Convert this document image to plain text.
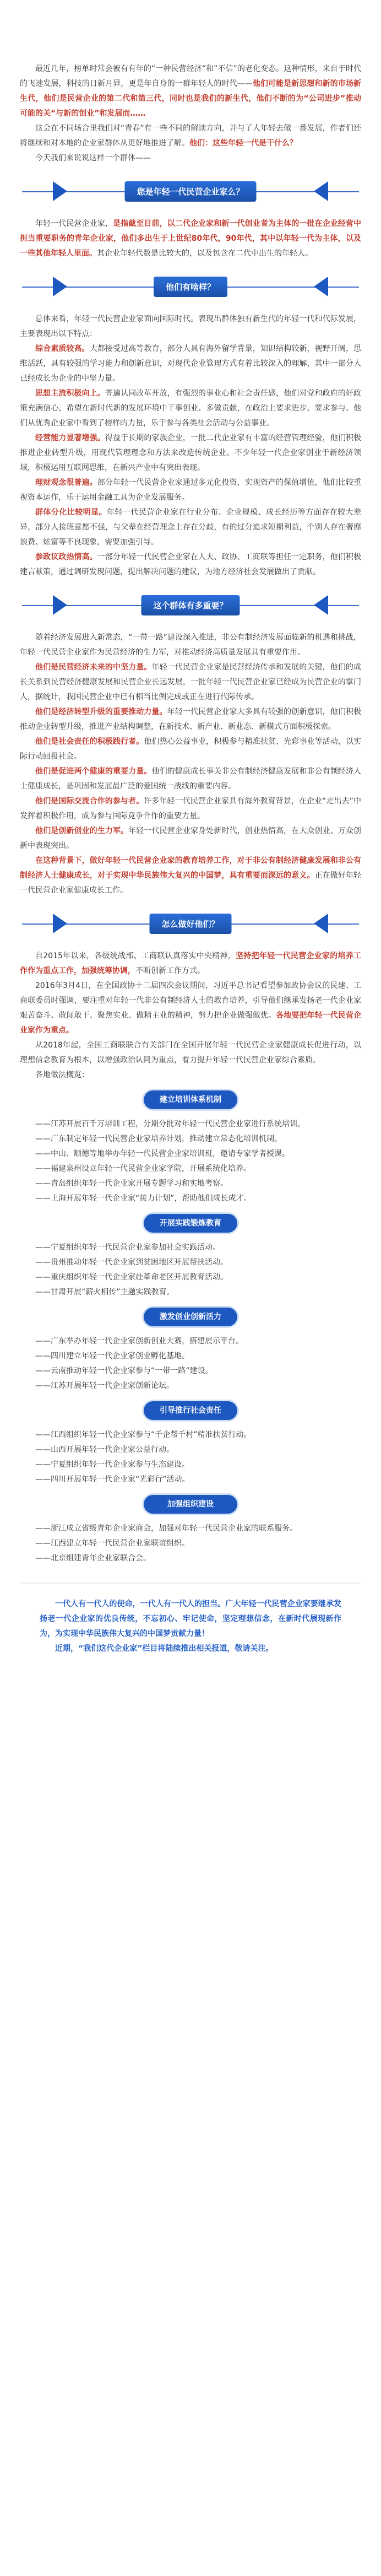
最近几年，榜单时常会被有有年的“一种民营经济“和”不信”的老化变态。这种情形，来自于时代的飞速发展，科技的日新月异，更是年自身的一群年轻人的时代——他们可能是新思想和新的市场新生代，他们是民营企业的第二代和第三代，同时也是我们的新生代，他们不断的为“公司进步”推动可能的关“与新的创业”和发展而……

这会在不同场合里我们对“青春”有一些不同的解读方向，并与了人年轻去做一番发展，作者们还将继续和对本地的企业家群体从更好地推进了解。他们：这些年轻一代是干什么？

今天我们来说说这样一个群体——

您是年轻一代民营企业家么？

年轻一代民营企业家，是指截至目前，以二代企业家和新一代创业者为主体的一批在企业经营中担当重要职务的青年企业家，他们多出生于上世纪80年代，90年代，其中以年轻一代为主体，以及一些其他年轻人里面。其企业年轻代数是比较大的，以及包含在二代中出生的年轻人。

他们有啥样？

总体来看，年轻一代民营企业家面向国际时代。表现出群体独有新生代的年轻一代和代际发展，主要表现出以下特点：

综合素质较高。大都接受过高等教育，部分人具有海外留学背景，知识结构较新，视野开阔，思维活跃，具有较强的学习能力和创新意识，对现代企业管理方式有着比较深入的理解，其中一部分人已经成长为企业的中坚力量。

思想主流积极向上。普遍认同改革开放，有强烈的事业心和社会责任感，他们对党和政府的好政策充满信心，希望在新时代新的发展环境中干事创业、多做贡献，在政治上要求进步、要求参与。他们从优秀企业家中看到了榜样的力量，乐于参与各类社会活动与公益事业。

经营能力显著增强。得益于长期的家族企业，一批二代企业家有丰富的经营管理经验，他们积极推进企业转型升级，用现代管理理念和方法来改造传统企业。不少年轻一代企业家创业于新经济领域，积极运用互联网思维，在新兴产业中有突出表现。

理财观念很普遍。部分年轻一代民营企业家通过多元化投资，实现资产的保值增值，他们比较重视资本运作，乐于运用金融工具为企业发展服务。

群体分化比较明显。年轻一代民营企业家在行业分布、企业规模、成长经历等方面存在较大差异，部分人接班意愿不强，与父辈在经营理念上存在分歧，有的过分追求短期利益，个别人存在奢靡浪费、炫富等不良现象，需要加强引导。

参政议政热情高。一部分年轻一代民营企业家在人大、政协、工商联等担任一定职务，他们积极建言献策，通过调研发现问题，提出解决问题的建议，为地方经济社会发展做出了贡献。

这个群体有多重要？

随着经济发展进入新常态，“一带一路”建设深入推进，非公有制经济发展面临新的机遇和挑战，年轻一代民营企业家作为民营经济的生力军，对推动经济高质量发展具有重要作用。

他们是民营经济未来的中坚力量。年轻一代民营企业家是民营经济传承和发展的关键，他们的成长关系到民营经济健康发展和民营企业长远发展，一批年轻一代民营企业家已经成为民营企业的掌门人，据统计，我国民营企业中已有相当比例完成或正在进行代际传承。

他们是经济转型升级的重要推动力量。年轻一代民营企业家大多具有较强的创新意识，他们积极推动企业转型升级，推进产业结构调整，在新技术、新产业、新业态、新模式方面积极探索。

他们是社会责任的积极践行者。他们热心公益事业，积极参与精准扶贫、光彩事业等活动，以实际行动回报社会。

他们是促进两个健康的重要力量。他们的健康成长事关非公有制经济健康发展和非公有制经济人士健康成长，是巩固和发展最广泛的爱国统一战线的重要内容。

他们是国际交流合作的参与者。许多年轻一代民营企业家具有海外教育背景，在企业“走出去”中发挥着积极作用，成为参与国际竞争合作的重要力量。

他们是创新创业的生力军。年轻一代民营企业家身处新时代，创业热情高，在大众创业、万众创新中表现突出。

在这种背景下，做好年轻一代民营企业家的教育培养工作，对于非公有制经济健康发展和非公有制经济人士健康成长，对于实现中华民族伟大复兴的中国梦，具有重要而深远的意义。正在做好年轻一代民营企业家健康成长工作。

怎么做好他们？

自2015年以来，各级统战部、工商联认真落实中央精神，坚持把年轻一代民营企业家的培养工作作为重点工作，加强统筹协调，不断创新工作方式。

2016年3月4日，在全国政协十二届四次会议期间，习近平总书记看望参加政协会议的民建、工商联委员时强调，要注重对年轻一代非公有制经济人士的教育培养，引导他们继承发扬老一代企业家艰苦奋斗、敢闯敢干、聚焦实业、做精主业的精神，努力把企业做强做优。各地要把年轻一代民营企业家作为重点。

从2018年起，全国工商联联合有关部门在全国开展年轻一代民营企业家健康成长促进行动，以理想信念教育为根本，以增强政治认同为重点，着力提升年轻一代民营企业家综合素质。

各地做法概览：

建立培训体系机制

——江苏开展百千万培训工程，分期分批对年轻一代民营企业家进行系统培训。

——广东制定年轻一代民营企业家培养计划，推动建立常态化培训机制。

——中山、顺德等地举办年轻一代民营企业家培训班，邀请专家学者授课。

——福建泉州设立年轻一代民营企业家学院，开展系统化培养。

——青岛组织年轻一代企业家开展专题学习和实地考察。

——上海开展年轻一代企业家“接力计划”，帮助他们成长成才。

开展实践锻炼教育

——宁夏组织年轻一代民营企业家参加社会实践活动。

——贵州推动年轻一代企业家到贫困地区开展帮扶活动。

——重庆组织年轻一代企业家赴革命老区开展教育活动。

——甘肃开展“薪火相传”主题实践教育。

激发创业创新活力

——广东举办年轻一代企业家创新创业大赛，搭建展示平台。

——四川建立年轻一代企业家创业孵化基地。

——云南推动年轻一代企业家参与“一带一路”建设。

——江苏开展年轻一代企业家创新论坛。

引导推行社会责任

——江西组织年轻一代企业家参与“千企帮千村”精准扶贫行动。

——山西开展年轻一代企业家公益行动。

——宁夏组织年轻一代企业家参与生态建设。

——四川开展年轻一代企业家“光彩行”活动。

加强组织建设

——浙江成立省级青年企业家商会，加强对年轻一代民营企业家的联系服务。

——江西建立年轻一代民营企业家联谊组织。

——北京组建青年企业家联合会。

一代人有一代人的使命，一代人有一代人的担当。广大年轻一代民营企业家要继承发扬老一代企业家的优良传统，不忘初心、牢记使命，坚定理想信念，在新时代展现新作为，为实现中华民族伟大复兴的中国梦贡献力量！

近期，“我们这代企业家”栏目将陆续推出相关报道，敬请关注。
